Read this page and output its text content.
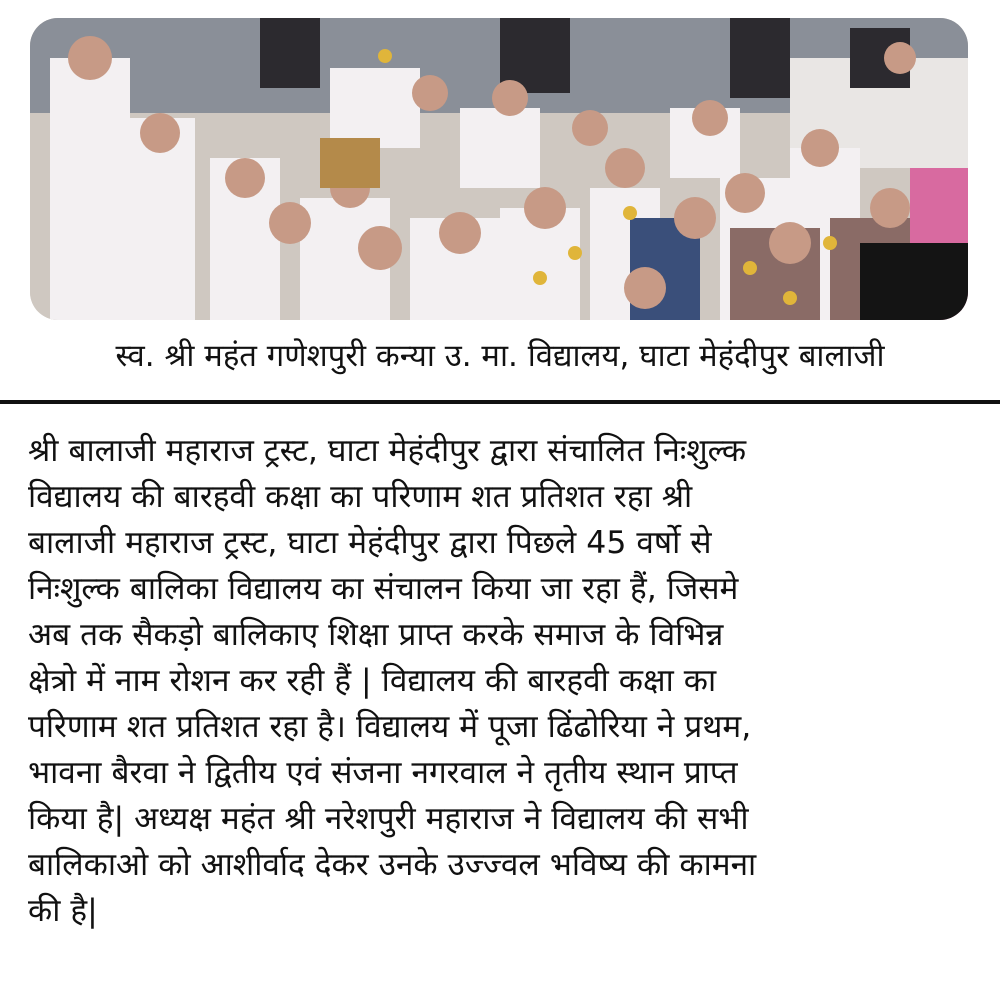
स्व. श्री महंत गणेशपुरी कन्या उ. मा. विद्यालय, घाटा मेहंदीपुर बालाजी
श्री बालाजी महाराज ट्रस्ट, घाटा मेहंदीपुर द्वारा संचालित निःशुल्क
विद्यालय की बारहवी कक्षा का परिणाम शत प्रतिशत रहा श्री
बालाजी महाराज ट्रस्ट, घाटा मेहंदीपुर द्वारा पिछले 45 वर्षो से
निःशुल्क बालिका विद्यालय का संचालन किया जा रहा हैं, जिसमे
अब तक सैकड़ो बालिकाए शिक्षा प्राप्त करके समाज के विभिन्न
क्षेत्रो में नाम रोशन कर रही हैं | विद्यालय की बारहवी कक्षा का
परिणाम शत प्रतिशत रहा है। विद्यालय में पूजा ढिंढोरिया ने प्रथम,
भावना बैरवा ने द्वितीय एवं संजना नगरवाल ने तृतीय स्थान प्राप्त
किया है| अध्यक्ष महंत श्री नरेशपुरी महाराज ने विद्यालय की सभी
बालिकाओ को आशीर्वाद देकर उनके उज्ज्वल भविष्य की कामना
की है|
